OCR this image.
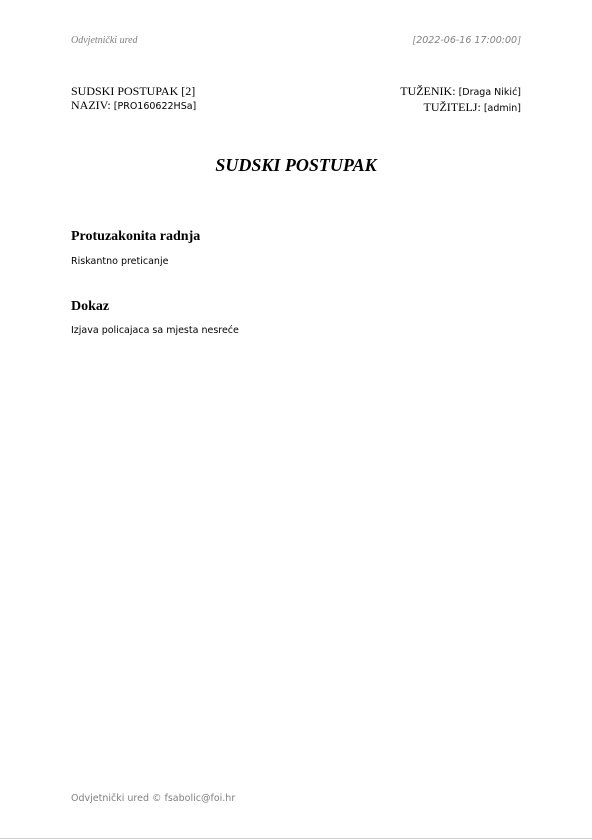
Odvjetnički ured	[2022-06-16 17:00:00]
SUDSKI POSTUPAK [2]
NAZIV: [PRO160622HSa]
TUŽENIK: [Draga Nikić]
TUŽITELJ: [admin]
SUDSKI POSTUPAK
Protuzakonita radnja
Riskantno preticanje
Dokaz
Izjava policajaca sa mjesta nesreće
Odvjetnički ured © fsabolic@foi.hr
